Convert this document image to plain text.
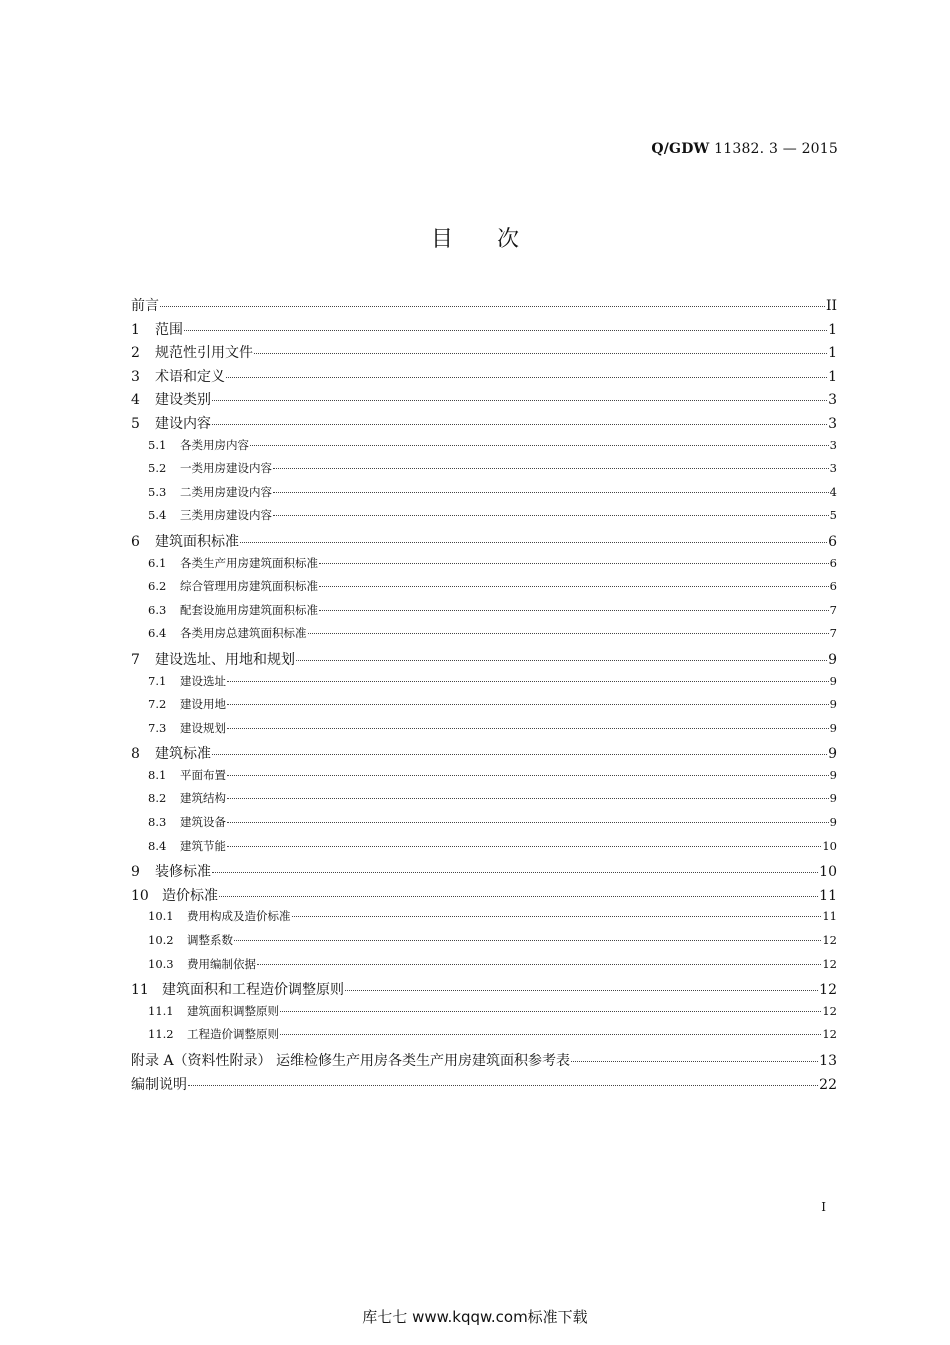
Q/GDW 11382. 3 — 2015
目 次
前言	II
1	范围	1
2	规范性引用文件	1
3	术语和定义	1
4	建设类别	3
5	建设内容	3
5.1	各类用房内容	3
5.2	一类用房建设内容	3
5.3	二类用房建设内容	4
5.4	三类用房建设内容	5
6	建筑面积标准	6
6.1	各类生产用房建筑面积标准	6
6.2	综合管理用房建筑面积标准	6
6.3	配套设施用房建筑面积标准	7
6.4	各类用房总建筑面积标准	7
7	建设选址、用地和规划	9
7.1	建设选址	9
7.2	建设用地	9
7.3	建设规划	9
8	建筑标准	9
8.1	平面布置	9
8.2	建筑结构	9
8.3	建筑设备	9
8.4	建筑节能	10
9	装修标准	10
10 造价标准	11
10.1	费用构成及造价标准	11
10.2	调整系数	12
10.3	费用编制依据	12
11 建筑面积和工程造价调整原则	12
11.1	建筑面积调整原则	12
11.2	工程造价调整原则	12
附录 A（资料性附录） 运维检修生产用房各类生产用房建筑面积参考表	13
编制说明	22
I
库七七 www.kqqw.com标准下载
